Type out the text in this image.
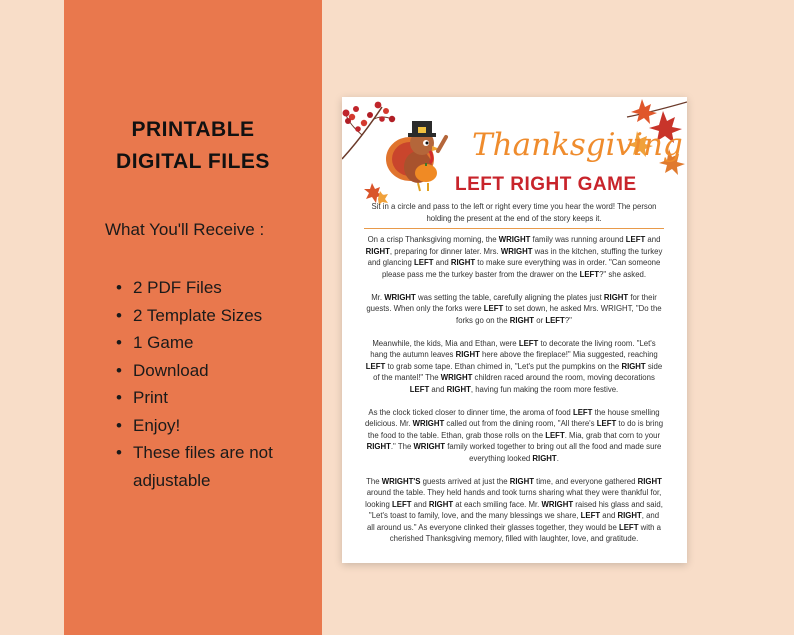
PRINTABLE
DIGITAL FILES
What You'll Receive :
• 2 PDF Files
• 2 Template Sizes
• 1 Game
• Download
• Print
• Enjoy!
• These files are not adjustable
Thanksgiving
LEFT RIGHT GAME
Sit in a circle and pass to the left or right every time you hear the word! The person holding the present at the end of the story keeps it.

On a crisp Thanksgiving morning, the WRIGHT family was running around LEFT and RIGHT, preparing for dinner later. Mrs. WRIGHT was in the kitchen, stuffing the turkey and glancing LEFT and RIGHT to make sure everything was in order. "Can someone please pass me the turkey baster from the drawer on the LEFT?" she asked.

Mr. WRIGHT was setting the table, carefully aligning the plates just RIGHT for their guests. When only the forks were LEFT to set down, he asked Mrs. WRIGHT, "Do the forks go on the RIGHT or LEFT?"

Meanwhile, the kids, Mia and Ethan, were LEFT to decorate the living room. "Let's hang the autumn leaves RIGHT here above the fireplace!" Mia suggested, reaching LEFT to grab some tape. Ethan chimed in, "Let's put the pumpkins on the RIGHT side of the mantel!" The WRIGHT children raced around the room, moving decorations LEFT and RIGHT, having fun making the room more festive.

As the clock ticked closer to dinner time, the aroma of food LEFT the house smelling delicious. Mr. WRIGHT called out from the dining room, "All there's LEFT to do is bring the food to the table. Ethan, grab those rolls on the LEFT. Mia, grab that corn to your RIGHT." The WRIGHT family worked together to bring out all the food and made sure everything looked RIGHT.

The WRIGHT'S guests arrived at just the RIGHT time, and everyone gathered RIGHT around the table. They held hands and took turns sharing what they were thankful for, looking LEFT and RIGHT at each smiling face. Mr. WRIGHT raised his glass and said, "Let's toast to family, love, and the many blessings we share, LEFT and RIGHT, and all around us." As everyone clinked their glasses together, they would be LEFT with a cherished Thanksgiving memory, filled with laughter, love, and gratitude.
